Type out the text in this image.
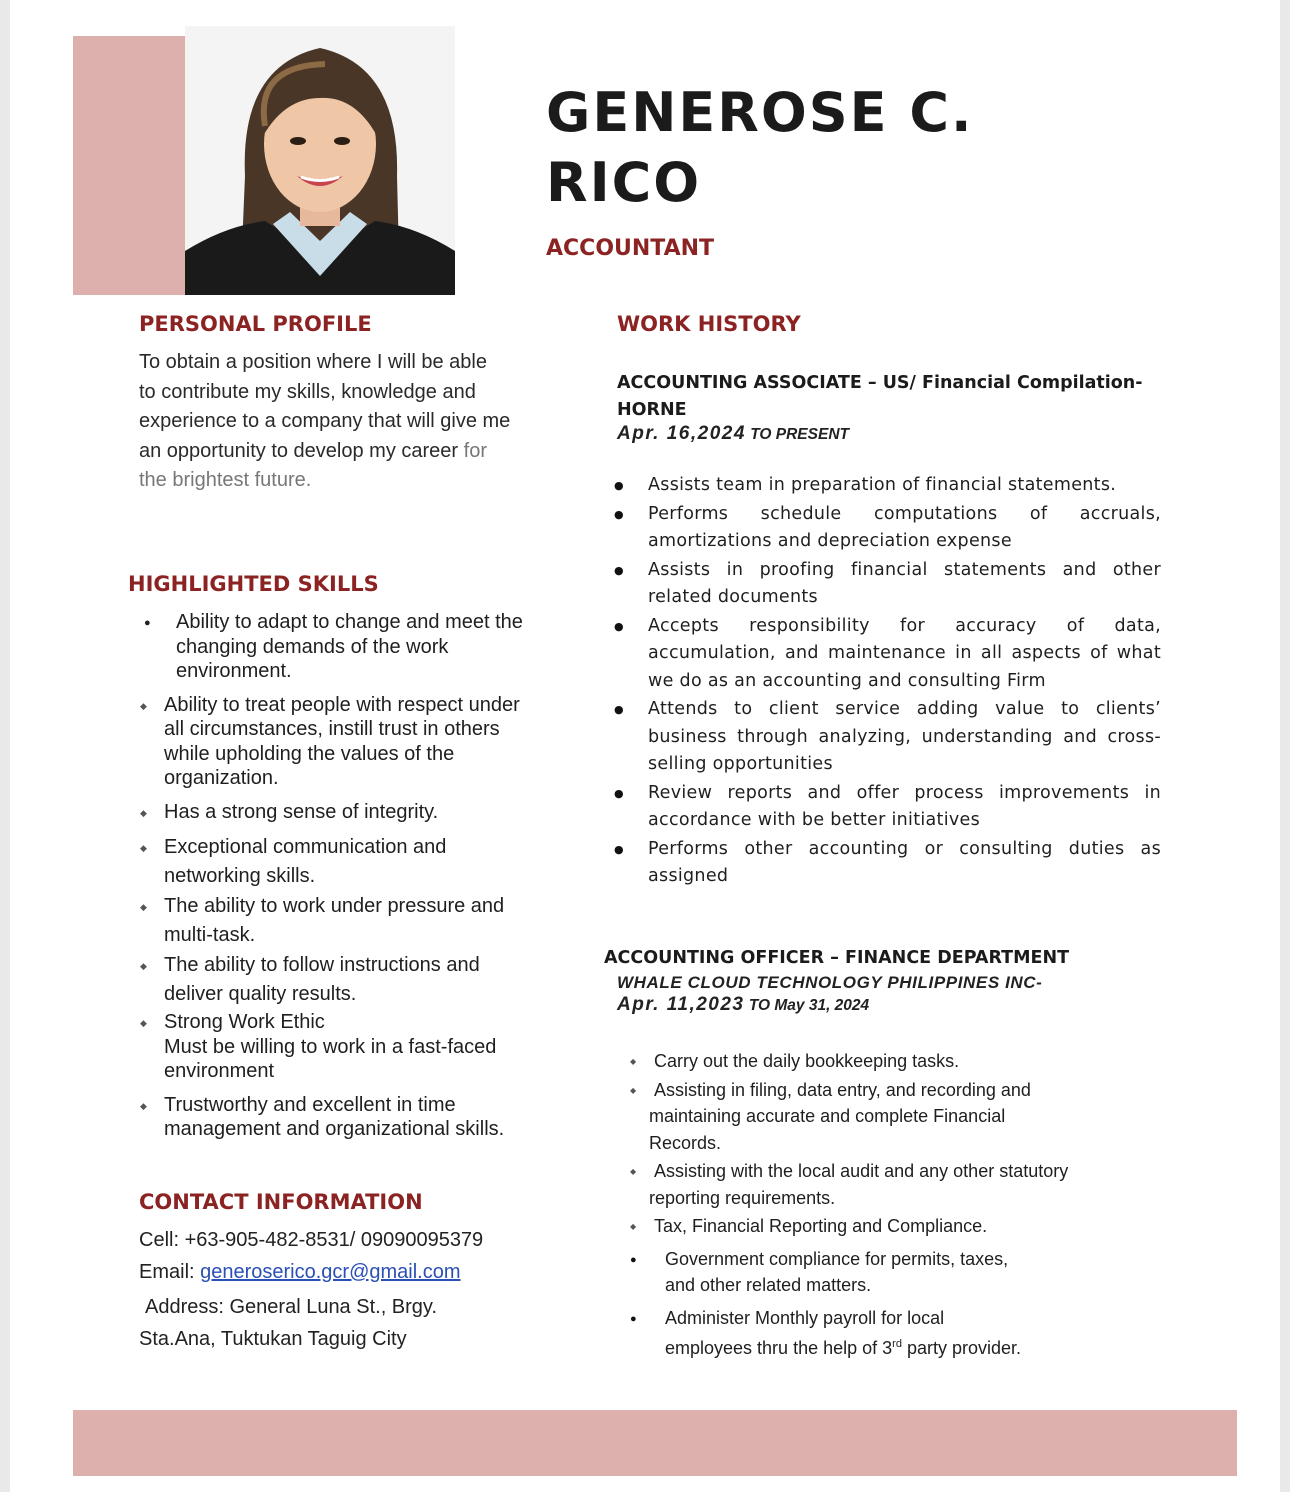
GENEROSE C.
RICO
ACCOUNTANT
PERSONAL PROFILE

To obtain a position where I will be able
to contribute my skills, knowledge and
experience to a company that will give me
an opportunity to develop my career for
the brightest future.

HIGHLIGHTED SKILLS
● Ability to adapt to change and meet the
changing demands of the work
environment.
◆ Ability to treat people with respect under
all circumstances, instill trust in others
while upholding the values of the
organization.
◆ Has a strong sense of integrity.
◆ Exceptional communication and
networking skills.
◆ The ability to work under pressure and
multi-task.
◆ The ability to follow instructions and
deliver quality results.
◆ Strong Work Ethic
Must be willing to work in a fast-faced
environment
◆ Trustworthy and excellent in time
management and organizational skills.
CONTACT INFORMATION
Cell: +63-905-482-8531/ 09090095379
Email: generoserico.gcr@gmail.com
Address: General Luna St., Brgy.
Sta.Ana, Tuktukan Taguig City
WORK HISTORY
ACCOUNTING ASSOCIATE – US/ Financial Compilation-
HORNE
Apr. 16,2024 TO PRESENT
● Assists team in preparation of financial statements.
● Performs schedule computations of accruals, amortizations and depreciation expense
● Assists in proofing financial statements and other related documents
● Accepts responsibility for accuracy of data, accumulation, and maintenance in all aspects of what we do as an accounting and consulting Firm
● Attends to client service adding value to clients’ business through analyzing, understanding and cross-selling opportunities
● Review reports and offer process improvements in accordance with be better initiatives
● Performs other accounting or consulting duties as assigned
ACCOUNTING OFFICER – FINANCE DEPARTMENT
WHALE CLOUD TECHNOLOGY PHILIPPINES INC-
Apr. 11,2023 TO May 31, 2024
◆ Carry out the daily bookkeeping tasks.
◆ Assisting in filing, data entry, and recording and
maintaining accurate and complete Financial
Records.
◆ Assisting with the local audit and any other statutory
reporting requirements.
◆ Tax, Financial Reporting and Compliance.
● Government compliance for permits, taxes,
and other related matters.
● Administer Monthly payroll for local
employees thru the help of 3rd party provider.
